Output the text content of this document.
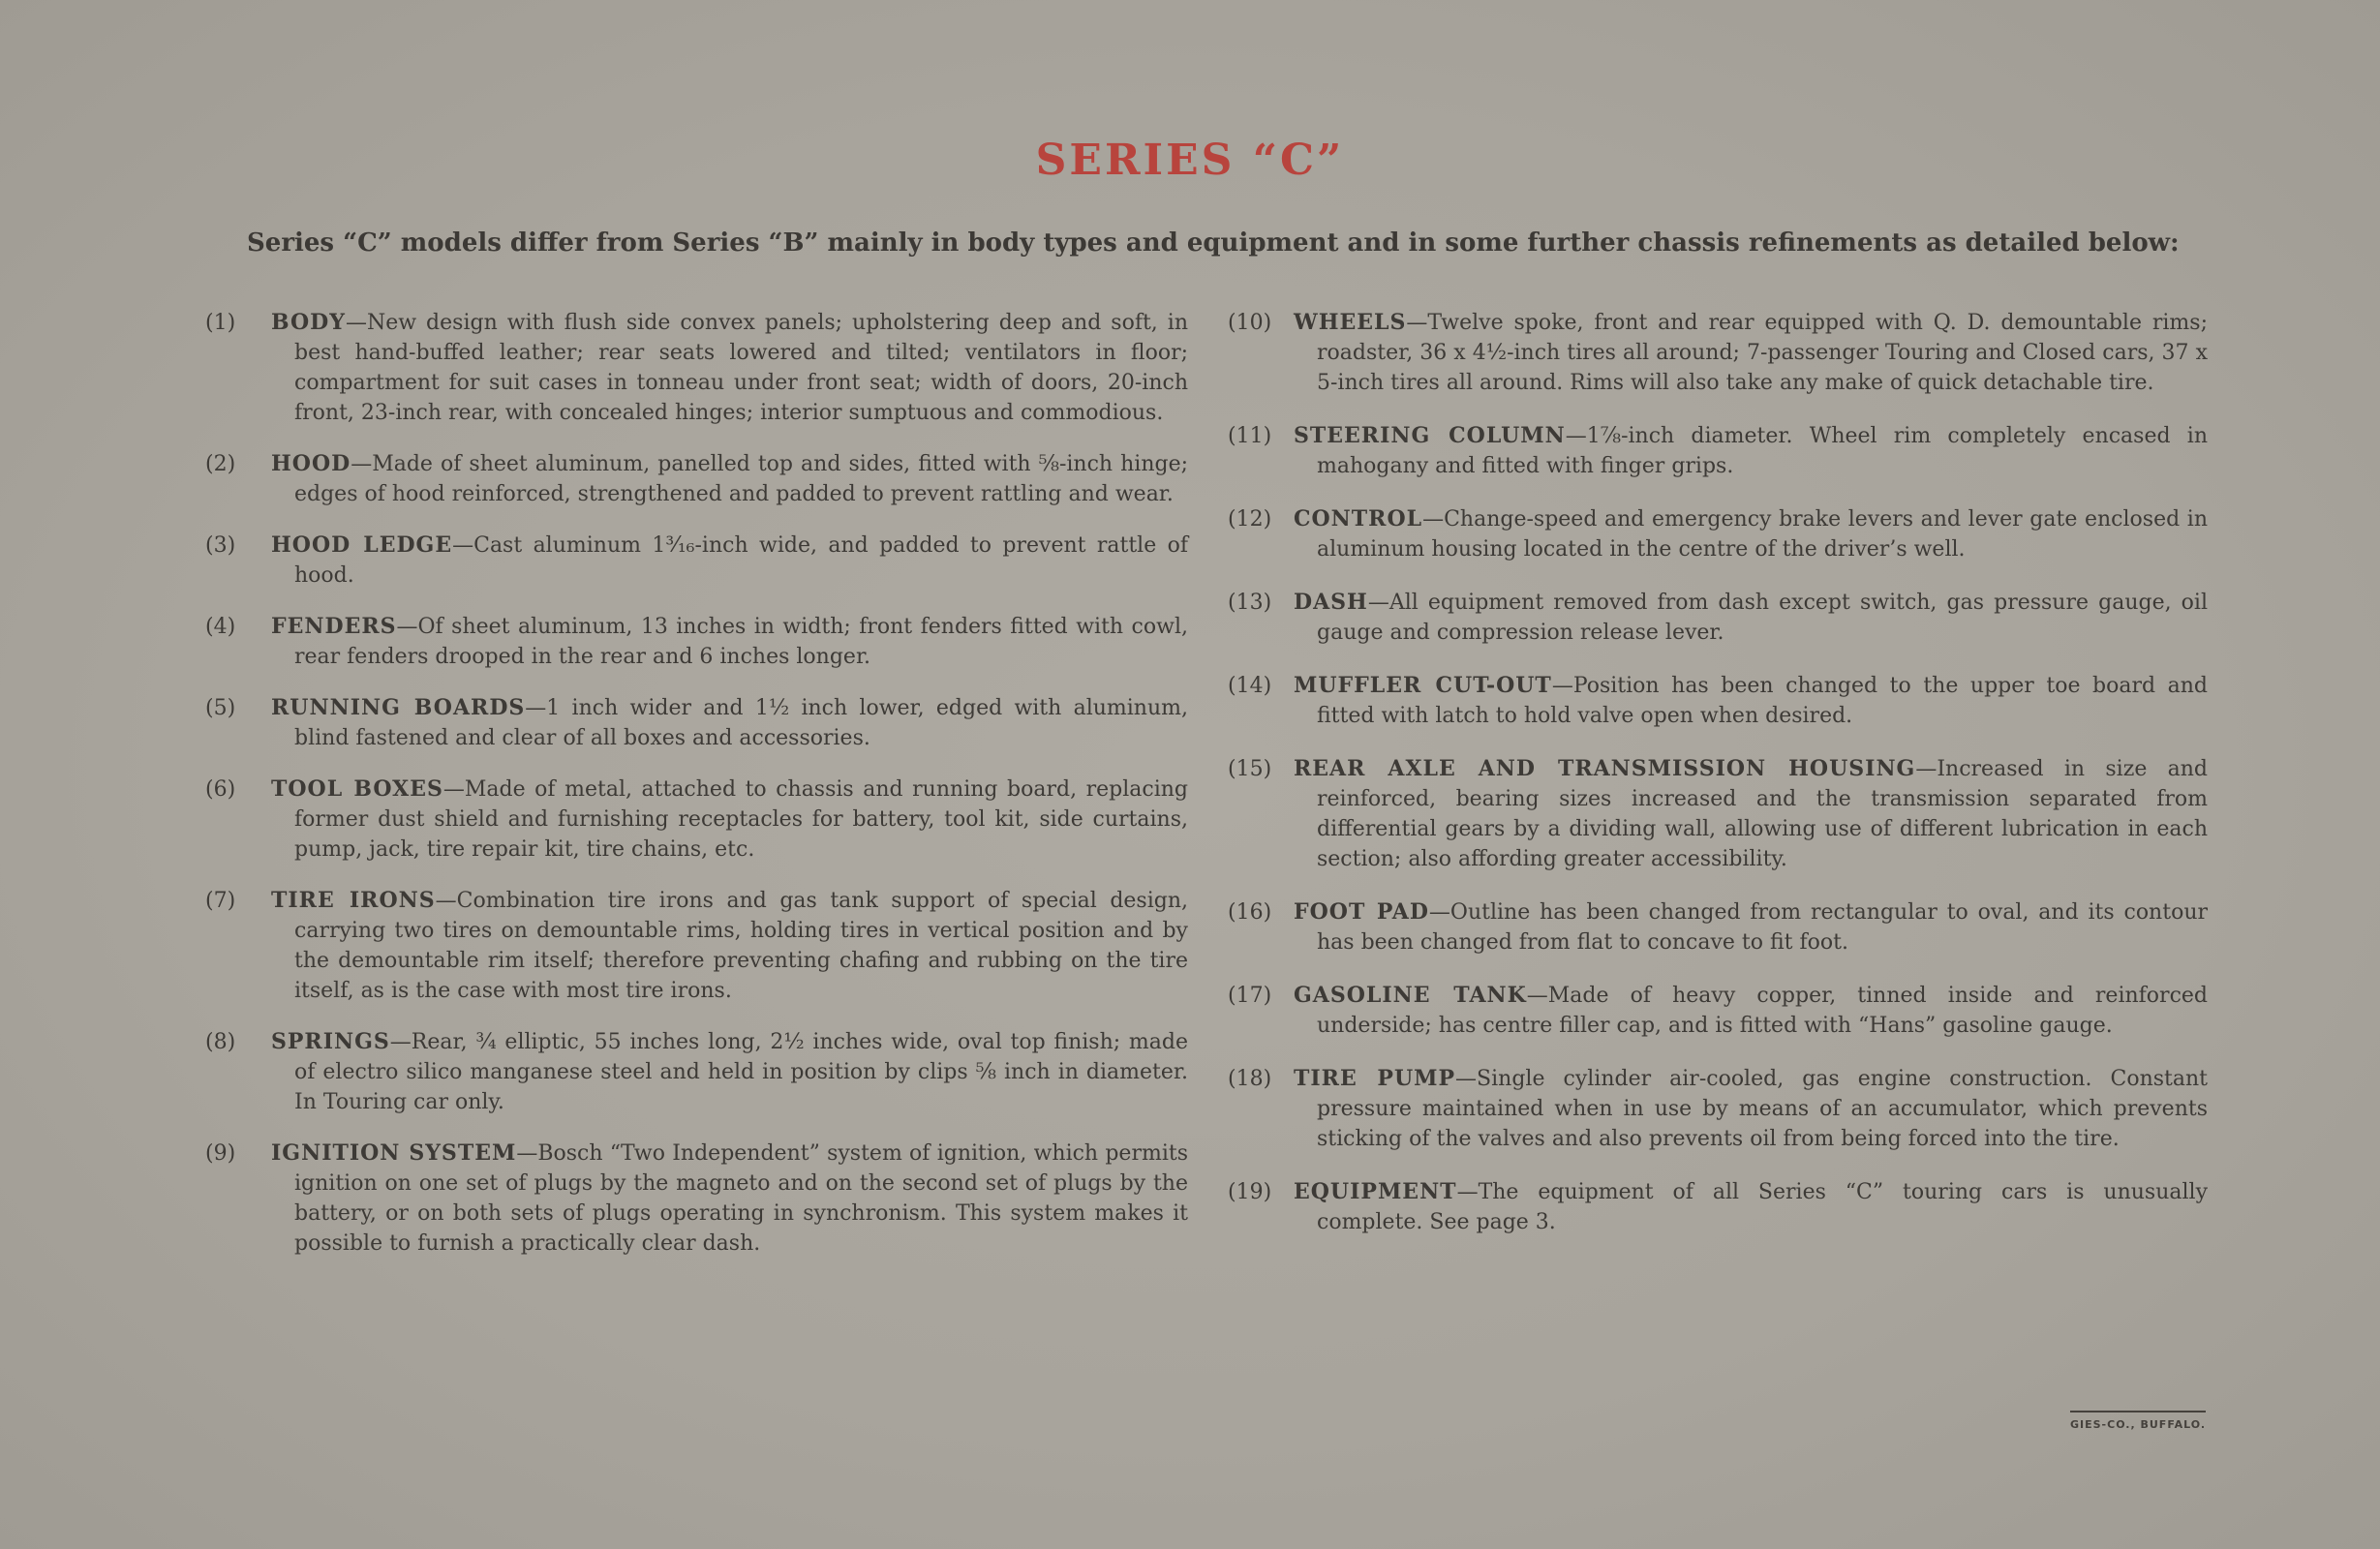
SERIES “C”
Series “C” models differ from Series “B” mainly in body types and equipment and in some further chassis refinements as detailed below:
(1) BODY—New design with flush side convex panels; upholstering deep and soft, in best hand-buffed leather; rear seats lowered and tilted; ventilators in floor; compartment for suit cases in tonneau under front seat; width of doors, 20-inch front, 23-inch rear, with concealed hinges; interior sumptuous and commodious.
(2) HOOD—Made of sheet aluminum, panelled top and sides, fitted with ⅝-inch hinge; edges of hood reinforced, strengthened and padded to prevent rattling and wear.
(3) HOOD LEDGE—Cast aluminum 1³⁄₁₆-inch wide, and padded to prevent rattle of hood.
(4) FENDERS—Of sheet aluminum, 13 inches in width; front fenders fitted with cowl, rear fenders drooped in the rear and 6 inches longer.
(5) RUNNING BOARDS—1 inch wider and 1½ inch lower, edged with aluminum, blind fastened and clear of all boxes and accessories.
(6) TOOL BOXES—Made of metal, attached to chassis and running board, replacing former dust shield and furnishing receptacles for battery, tool kit, side curtains, pump, jack, tire repair kit, tire chains, etc.
(7) TIRE IRONS—Combination tire irons and gas tank support of special design, carrying two tires on demountable rims, holding tires in vertical position and by the demountable rim itself; therefore preventing chafing and rubbing on the tire itself, as is the case with most tire irons.
(8) SPRINGS—Rear, ¾ elliptic, 55 inches long, 2½ inches wide, oval top finish; made of electro silico manganese steel and held in position by clips ⅝ inch in diameter. In Touring car only.
(9) IGNITION SYSTEM—Bosch “Two Independent” system of ignition, which permits ignition on one set of plugs by the magneto and on the second set of plugs by the battery, or on both sets of plugs operating in synchronism. This system makes it possible to furnish a practically clear dash.
(10) WHEELS—Twelve spoke, front and rear equipped with Q. D. demountable rims; roadster, 36 x 4½-inch tires all around; 7-passenger Touring and Closed cars, 37 x 5-inch tires all around. Rims will also take any make of quick detachable tire.
(11) STEERING COLUMN—1⅞-inch diameter. Wheel rim completely encased in mahogany and fitted with finger grips.
(12) CONTROL—Change-speed and emergency brake levers and lever gate enclosed in aluminum housing located in the centre of the driver’s well.
(13) DASH—All equipment removed from dash except switch, gas pressure gauge, oil gauge and compression release lever.
(14) MUFFLER CUT-OUT—Position has been changed to the upper toe board and fitted with latch to hold valve open when desired.
(15) REAR AXLE AND TRANSMISSION HOUSING—Increased in size and reinforced, bearing sizes increased and the transmission separated from differential gears by a dividing wall, allowing use of different lubrication in each section; also affording greater accessibility.
(16) FOOT PAD—Outline has been changed from rectangular to oval, and its contour has been changed from flat to concave to fit foot.
(17) GASOLINE TANK—Made of heavy copper, tinned inside and reinforced underside; has centre filler cap, and is fitted with “Hans” gasoline gauge.
(18) TIRE PUMP—Single cylinder air-cooled, gas engine construction. Constant pressure maintained when in use by means of an accumulator, which prevents sticking of the valves and also prevents oil from being forced into the tire.
(19) EQUIPMENT—The equipment of all Series “C” touring cars is unusually complete. See page 3.
GIES-CO., BUFFALO.
